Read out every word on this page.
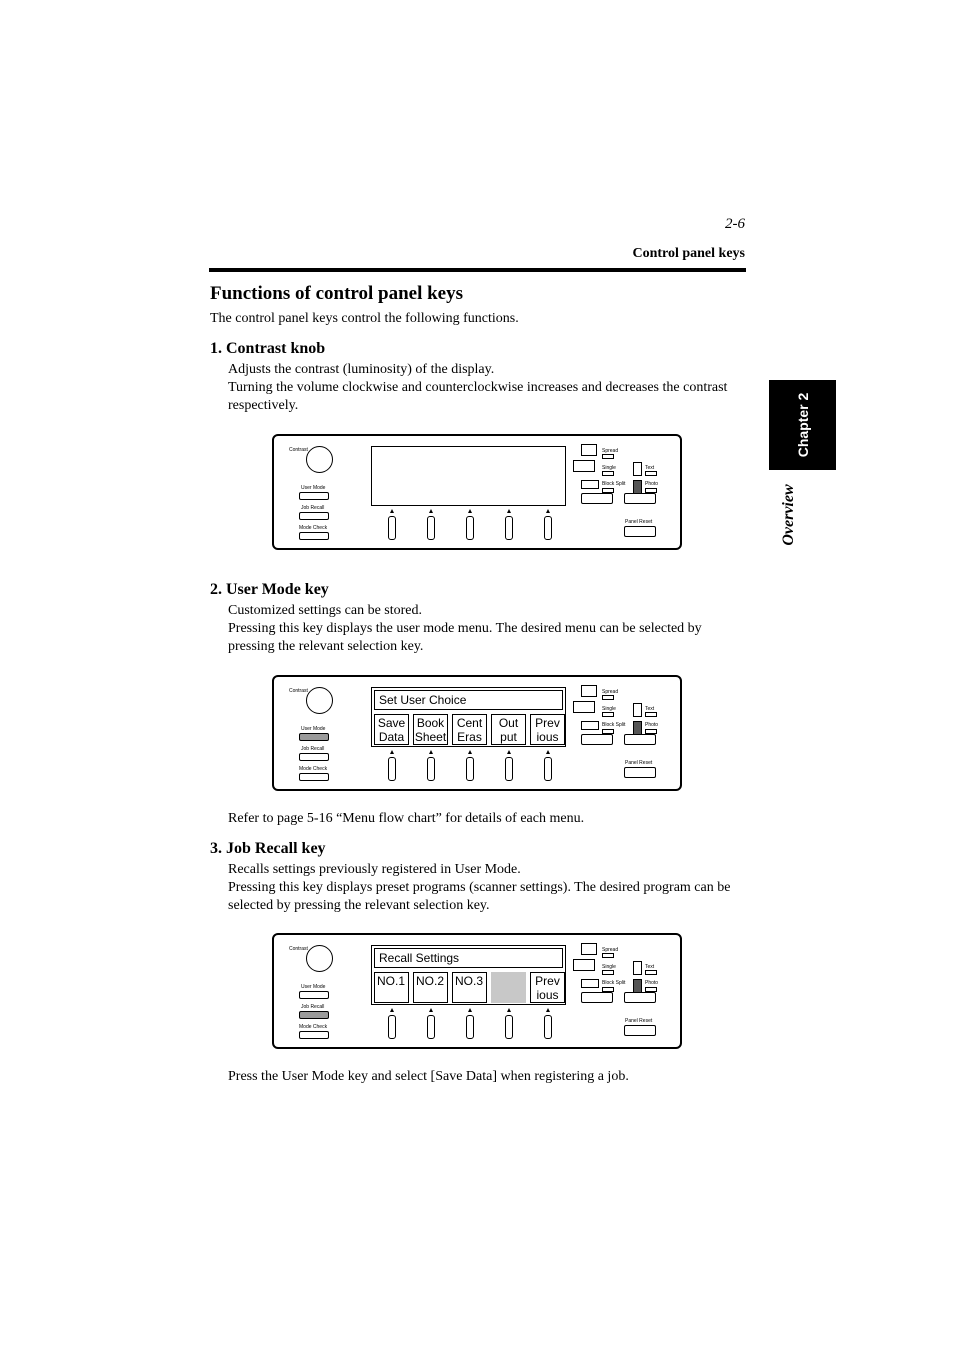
2-6
Control panel keys
Chapter 2
Overview
Functions of control panel keys
The control panel keys control the following functions.
1. Contrast knob
Adjusts the contrast (luminosity) of the display.
Turning the volume clockwise and counterclockwise increases and decreases the contrast respectively.
2. User Mode key
Customized settings can be stored.
Pressing this key displays the user mode menu. The desired menu can be selected by pressing the relevant selection key.
Refer to page 5-16 “Menu flow chart” for details of each menu.
3. Job Recall key
Recalls settings previously registered in User Mode.
Pressing this key displays preset programs (scanner settings). The desired program can be selected by pressing the relevant selection key.
Press the User Mode key and select [Save Data] when registering a job.
Contrast
User Mode
Job Recall
Mode Check
Spread
Single
Block Split
Text
Photo
Panel Reset
Contrast
User Mode
Job Recall
Mode Check
Set User Choice
Save
Data
Book
Sheet
Cent
Eras
Out
put
Prev
ious
Spread
Single
Block Split
Text
Photo
Panel Reset
Contrast
User Mode
Job Recall
Mode Check
Recall Settings
NO.1 NO.2 NO.3	Prev
ious
Spread
Single
Block Split
Text
Photo
Panel Reset
